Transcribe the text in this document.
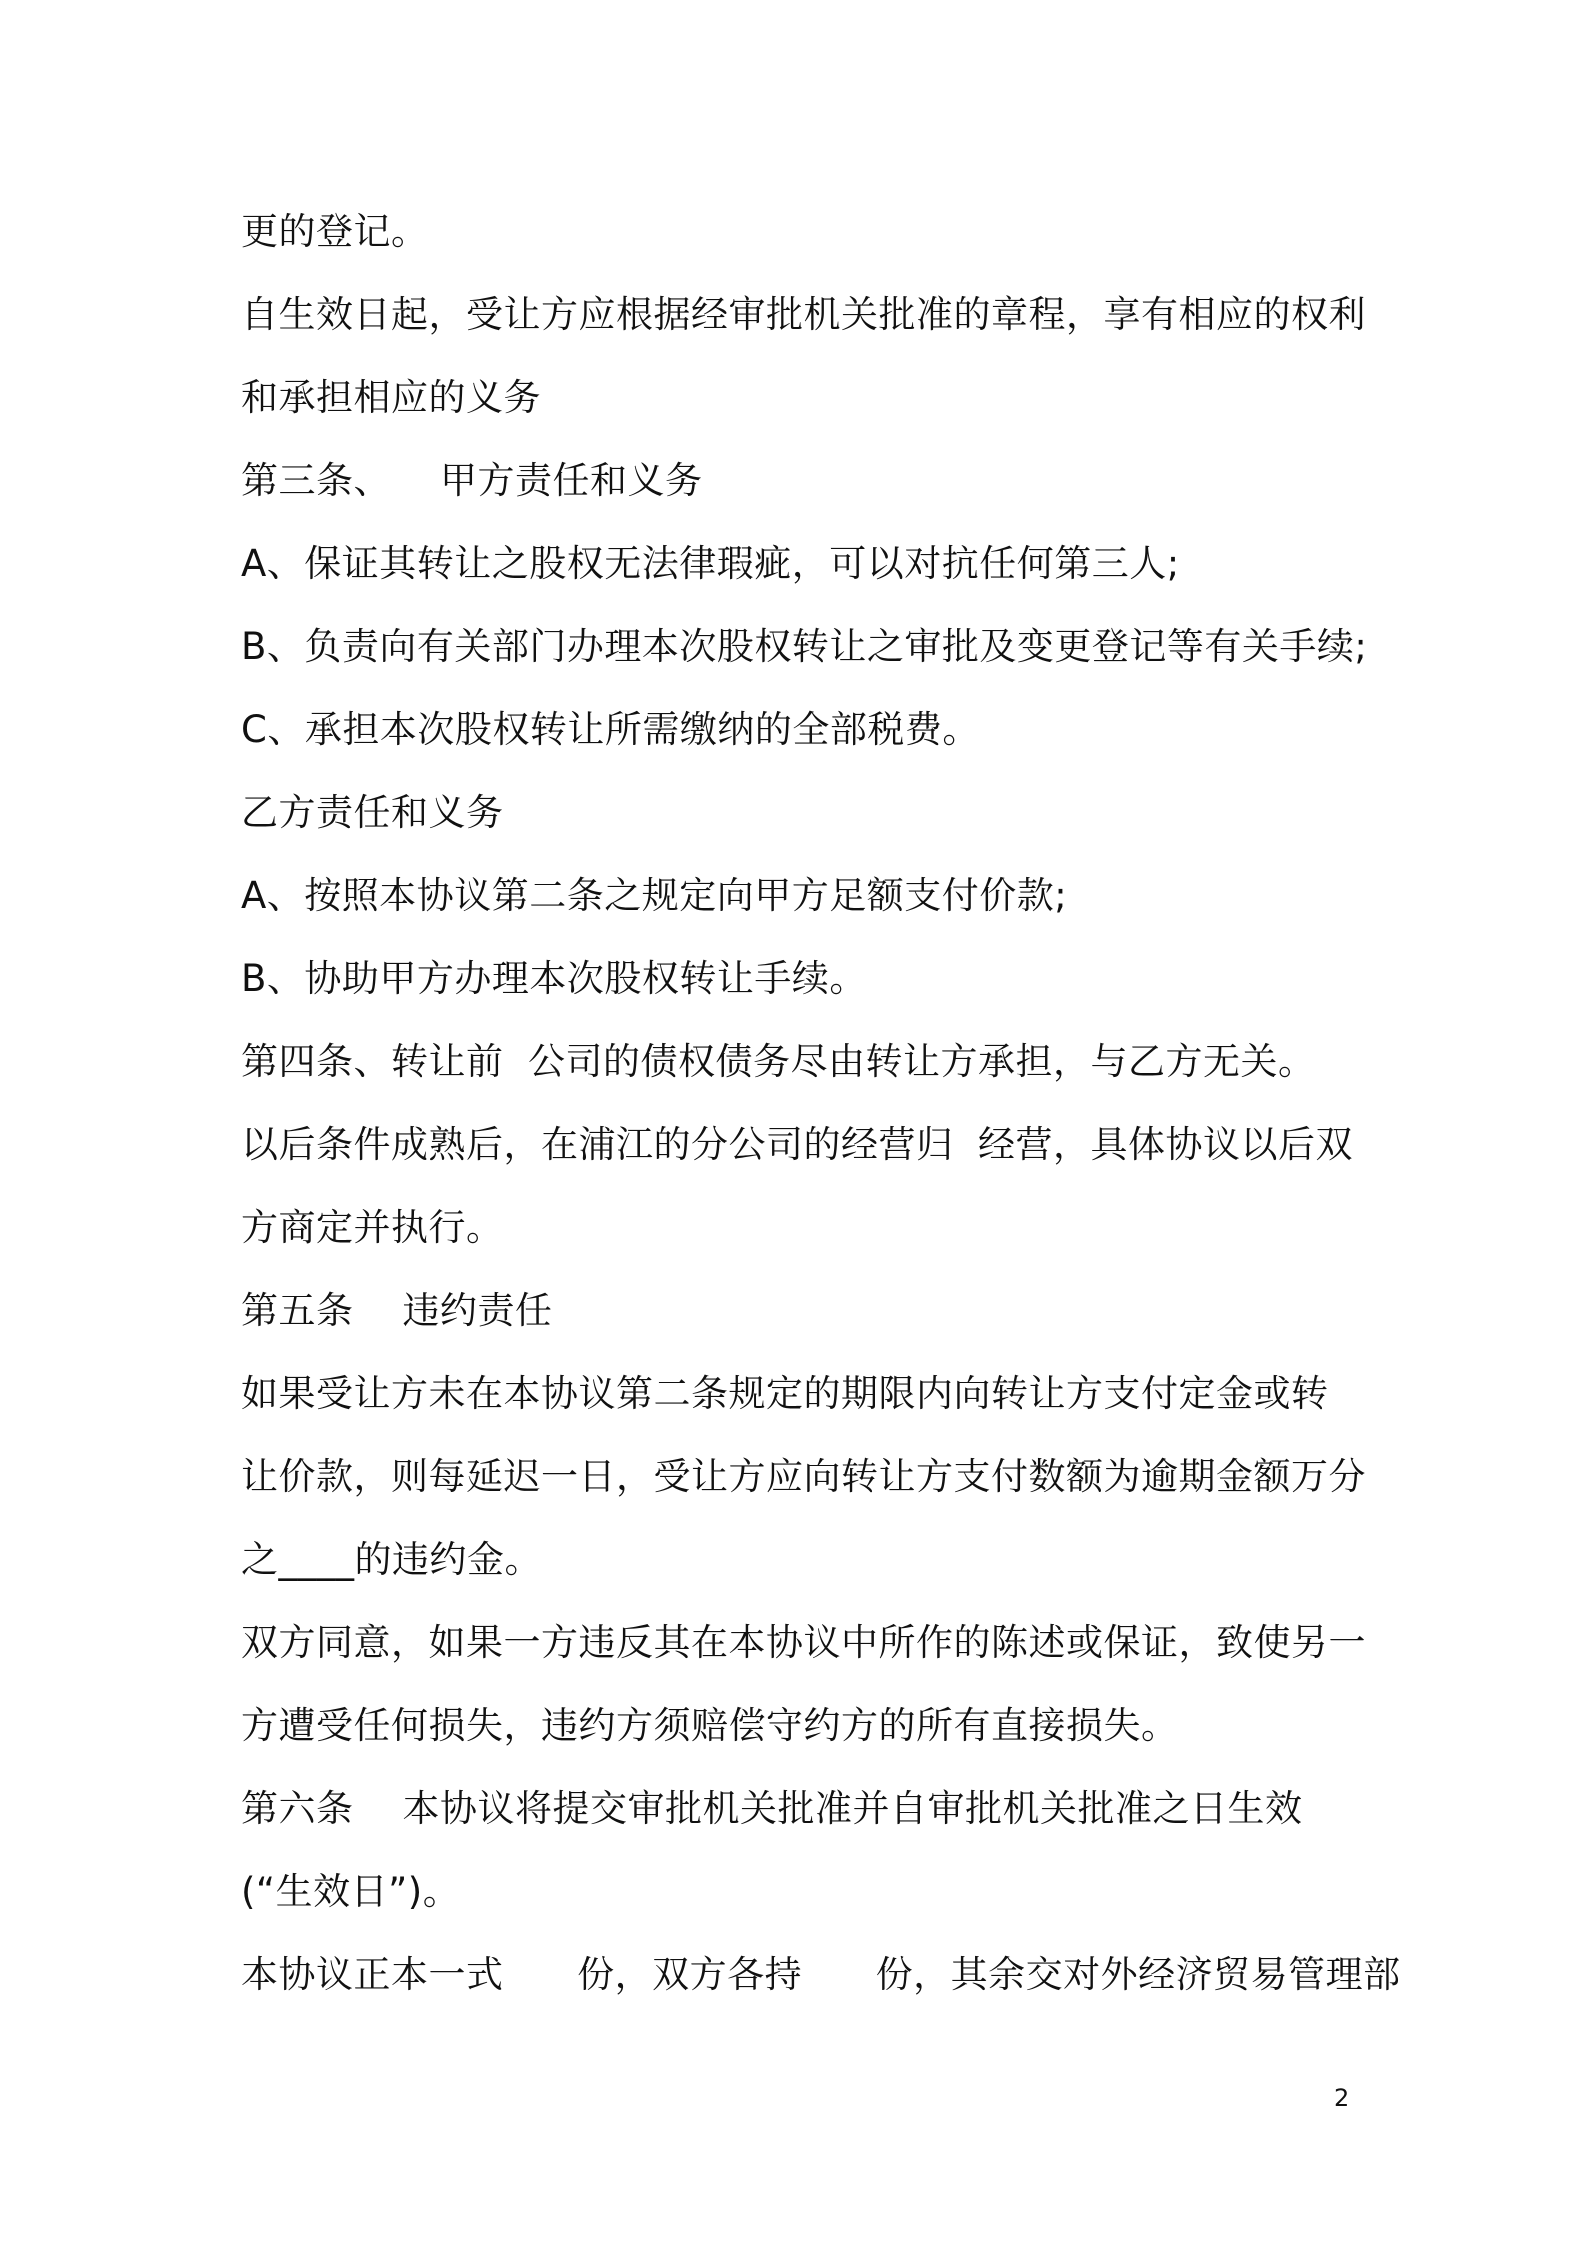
更的登记。
自生效日起，受让方应根据经审批机关批准的章程，享有相应的权利
和承担相应的义务
第三条、    甲方责任和义务
A、保证其转让之股权无法律瑕疵，可以对抗任何第三人;
B、负责向有关部门办理本次股权转让之审批及变更登记等有关手续;
C、承担本次股权转让所需缴纳的全部税费。
乙方责任和义务
A、按照本协议第二条之规定向甲方足额支付价款;
B、协助甲方办理本次股权转让手续。
第四条、转让前  公司的债权债务尽由转让方承担，与乙方无关。
以后条件成熟后，在浦江的分公司的经营归  经营，具体协议以后双
方商定并执行。
第五条    违约责任
如果受让方未在本协议第二条规定的期限内向转让方支付定金或转
让价款，则每延迟一日，受让方应向转让方支付数额为逾期金额万分
之____的违约金。
双方同意，如果一方违反其在本协议中所作的陈述或保证，致使另一
方遭受任何损失，违约方须赔偿守约方的所有直接损失。
第六条    本协议将提交审批机关批准并自审批机关批准之日生效
(“生效日”)。
本协议正本一式      份，双方各持      份，其余交对外经济贸易管理部
2
